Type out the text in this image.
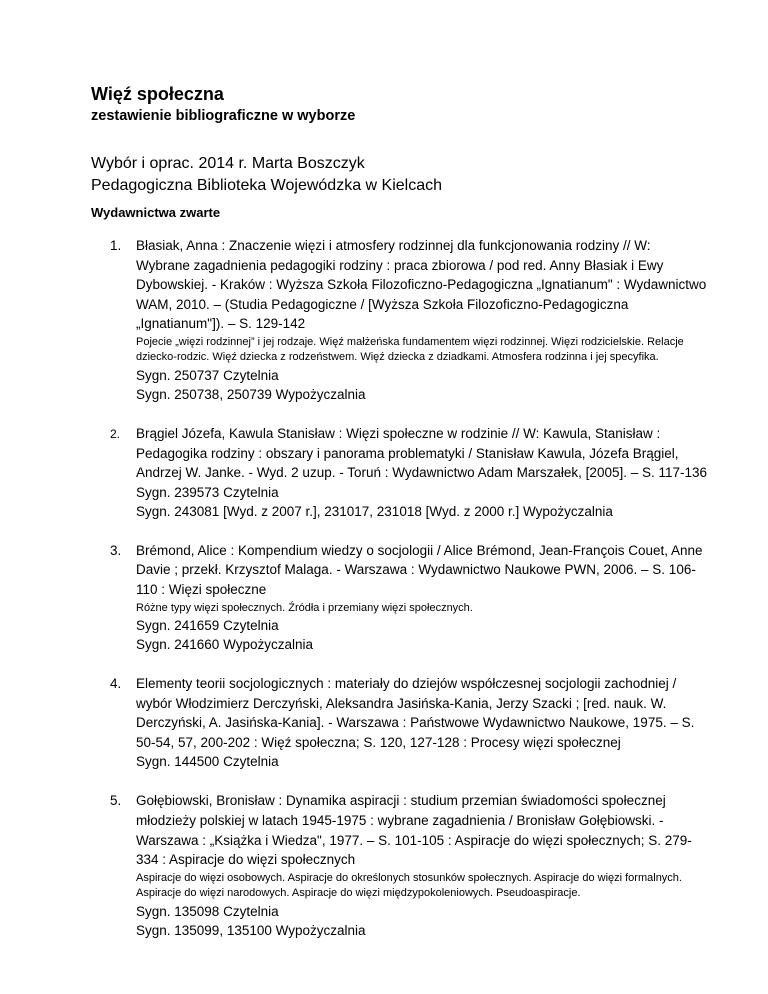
Więź społeczna
zestawienie bibliograficzne w wyborze
Wybór i oprac. 2014 r. Marta Boszczyk
Pedagogiczna Biblioteka Wojewódzka w Kielcach
Wydawnictwa zwarte
1. Błasiak, Anna : Znaczenie więzi i atmosfery rodzinnej dla funkcjonowania rodziny // W: Wybrane zagadnienia pedagogiki rodziny : praca zbiorowa / pod red. Anny Błasiak i Ewy Dybowskiej. - Kraków : Wyższa Szkoła Filozoficzno-Pedagogiczna „Ignatianum" : Wydawnictwo WAM, 2010. – (Studia Pedagogiczne / [Wyższa Szkoła Filozoficzno-Pedagogiczna „Ignatianum"]). – S. 129-142
Pojecie „więzi rodzinnej” i jej rodzaje. Więź małżeńska fundamentem więzi rodzinnej. Więzi rodzicielskie. Relacje dziecko-rodzic. Więź dziecka z rodzeństwem. Więź dziecka z dziadkami. Atmosfera rodzinna i jej specyfika.
Sygn. 250737 Czytelnia
Sygn. 250738, 250739 Wypożyczalnia
2. Brągiel Józefa, Kawula Stanisław : Więzi społeczne w rodzinie // W: Kawula, Stanisław : Pedagogika rodziny : obszary i panorama problematyki / Stanisław Kawula, Józefa Brągiel, Andrzej W. Janke. - Wyd. 2 uzup. - Toruń : Wydawnictwo Adam Marszałek, [2005]. – S. 117-136
Sygn. 239573 Czytelnia
Sygn. 243081 [Wyd. z 2007 r.], 231017, 231018 [Wyd. z 2000 r.] Wypożyczalnia
3. Brémond, Alice : Kompendium wiedzy o socjologii / Alice Brémond, Jean-François Couet, Anne Davie ; przekł. Krzysztof Malaga. - Warszawa : Wydawnictwo Naukowe PWN, 2006. – S. 106-110 : Więzi społeczne
Różne typy więzi społecznych. Źródła i przemiany więzi społecznych.
Sygn. 241659 Czytelnia
Sygn. 241660 Wypożyczalnia
4. Elementy teorii socjologicznych : materiały do dziejów współczesnej socjologii zachodniej / wybór Włodzimierz Derczyński, Aleksandra Jasińska-Kania, Jerzy Szacki ; [red. nauk. W. Derczyński, A. Jasińska-Kania]. - Warszawa : Państwowe Wydawnictwo Naukowe, 1975. – S. 50-54, 57, 200-202 : Więź społeczna; S. 120, 127-128 : Procesy więzi społecznej
Sygn. 144500 Czytelnia
5. Gołębiowski, Bronisław : Dynamika aspiracji : studium przemian świadomości społecznej młodzieży polskiej w latach 1945-1975 : wybrane zagadnienia / Bronisław Gołębiowski. - Warszawa : „Książka i Wiedza", 1977. – S. 101-105 : Aspiracje do więzi społecznych; S. 279-334 : Aspiracje do więzi społecznych
Aspiracje do więzi osobowych. Aspiracje do określonych stosunków społecznych. Aspiracje do więzi formalnych. Aspiracje do więzi narodowych. Aspiracje do więzi międzypokoleniowych. Pseudoaspiracje.
Sygn. 135098 Czytelnia
Sygn. 135099, 135100 Wypożyczalnia
